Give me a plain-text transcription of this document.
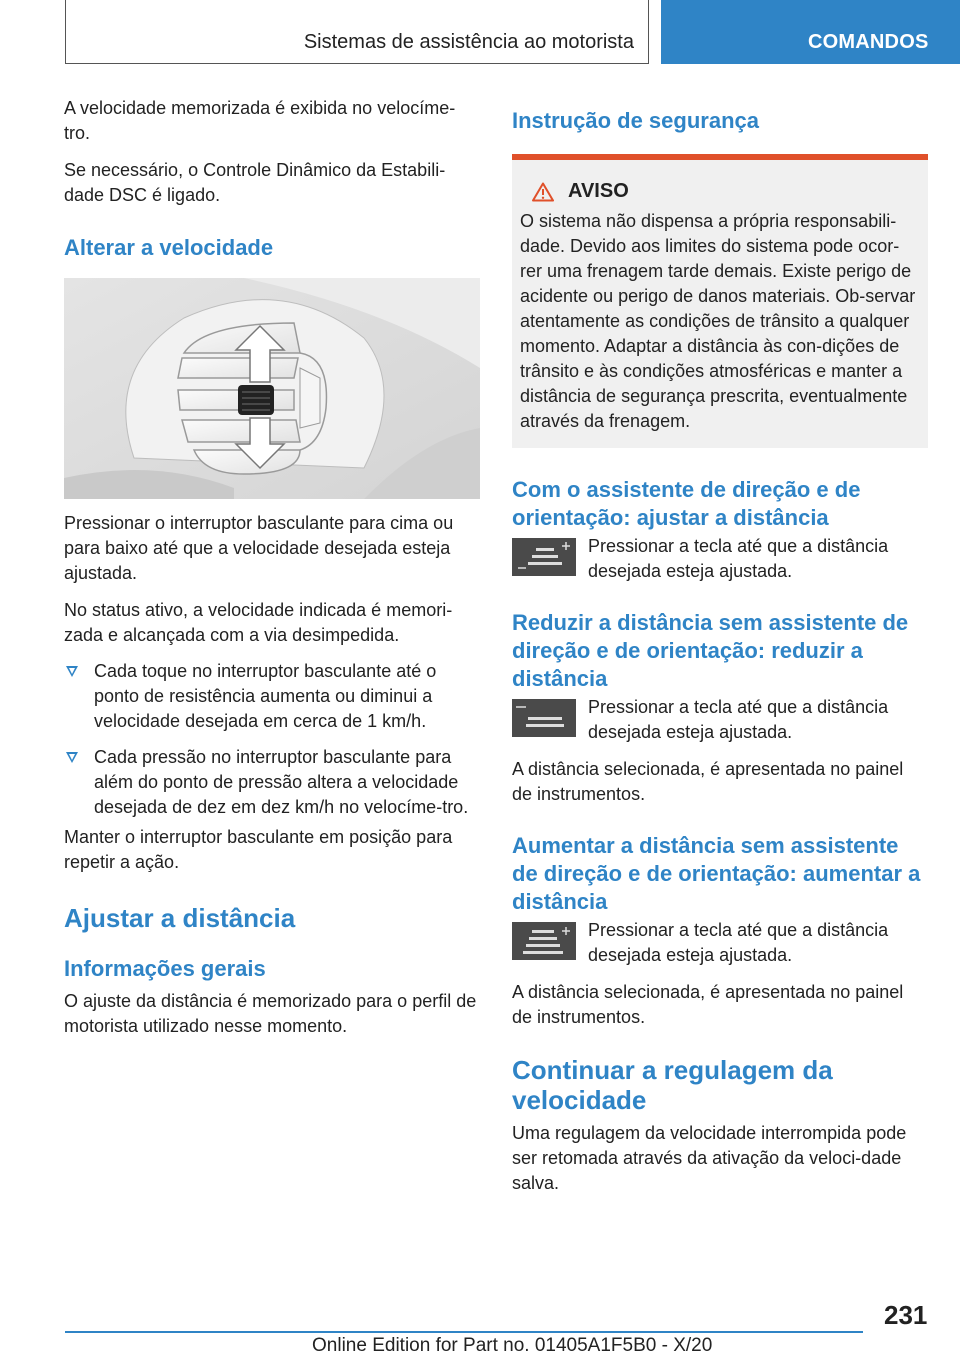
Sistemas de assistência ao motorista	COMANDOS

A velocidade memorizada é exibida no velocíme-tro.

Se necessário, o Controle Dinâmico da Estabili-dade DSC é ligado.

Alterar a velocidade

Pressionar o interruptor basculante para cima ou para baixo até que a velocidade desejada esteja ajustada.

No status ativo, a velocidade indicada é memori-zada e alcançada com a via desimpedida.

Cada toque no interruptor basculante até o ponto de resistência aumenta ou diminui a velocidade desejada em cerca de 1 km/h.
Cada pressão no interruptor basculante para além do ponto de pressão altera a velocidade desejada de dez em dez km/h no velocíme-tro.

Manter o interruptor basculante em posição para repetir a ação.

Ajustar a distância
Informações gerais

O ajuste da distância é memorizado para o perfil de motorista utilizado nesse momento.

Instrução de segurança
AVISO

O sistema não dispensa a própria responsabili-dade. Devido aos limites do sistema pode ocor-rer uma frenagem tarde demais. Existe perigo de acidente ou perigo de danos materiais. Ob-servar atentamente as condições de trânsito a qualquer momento. Adaptar a distância às con-dições de trânsito e às condições atmosféricas e manter a distância de segurança prescrita, eventualmente através da frenagem.

Com o assistente de direção e de orientação: ajustar a distância

Pressionar a tecla até que a distância desejada esteja ajustada.

Reduzir a distância sem assistente de direção e de orientação: reduzir a distância

Pressionar a tecla até que a distância desejada esteja ajustada.

A distância selecionada, é apresentada no painel de instrumentos.

Aumentar a distância sem assistente de direção e de orientação: aumentar a distância

Pressionar a tecla até que a distância desejada esteja ajustada.

A distância selecionada, é apresentada no painel de instrumentos.

Continuar a regulagem da velocidade

Uma regulagem da velocidade interrompida pode ser retomada através da ativação da veloci-dade salva.

231
Online Edition for Part no. 01405A1F5B0 - X/20
